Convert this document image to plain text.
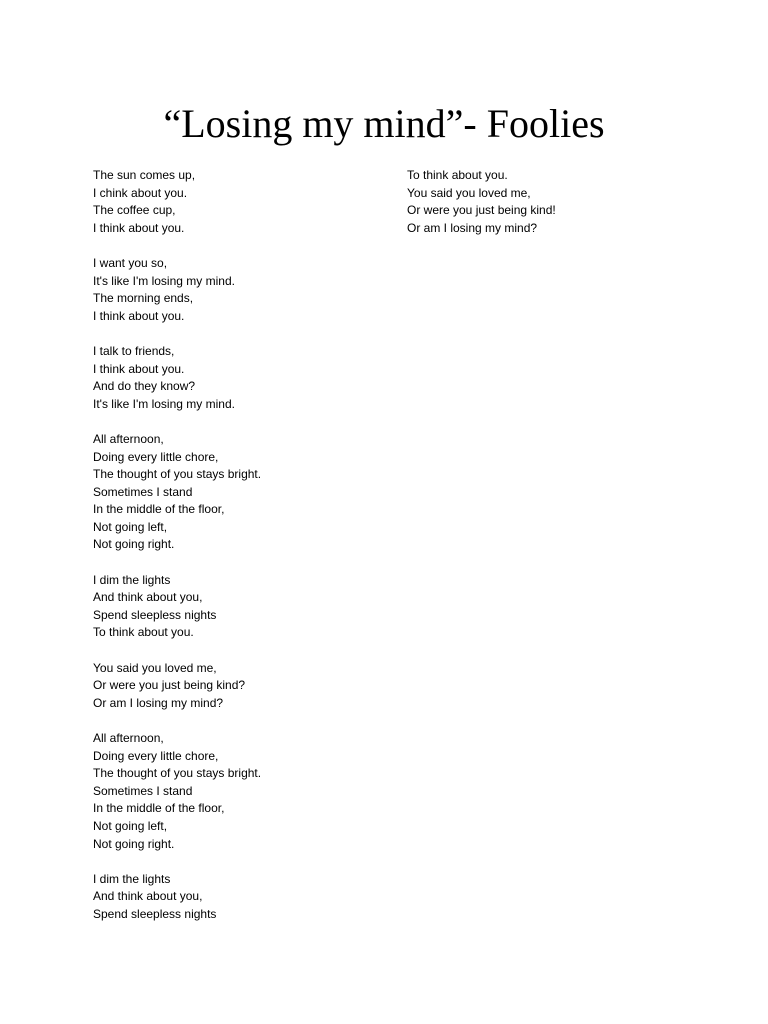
“Losing my mind”- Foolies
The sun comes up,
I chink about you.
The coffee cup,
I think about you.
I want you so,
It's like I'm losing my mind.
The morning ends,
I think about you.
I talk to friends,
I think about you.
And do they know?
It's like I'm losing my mind.
All afternoon,
Doing every little chore,
The thought of you stays bright.
Sometimes I stand
In the middle of the floor,
Not going left,
Not going right.
I dim the lights
And think about you,
Spend sleepless nights
To think about you.
You said you loved me,
Or were you just being kind?
Or am I losing my mind?
All afternoon,
Doing every little chore,
The thought of you stays bright.
Sometimes I stand
In the middle of the floor,
Not going left,
Not going right.
I dim the lights
And think about you,
Spend sleepless nights
To think about you.
You said you loved me,
Or were you just being kind!
Or am I losing my mind?
